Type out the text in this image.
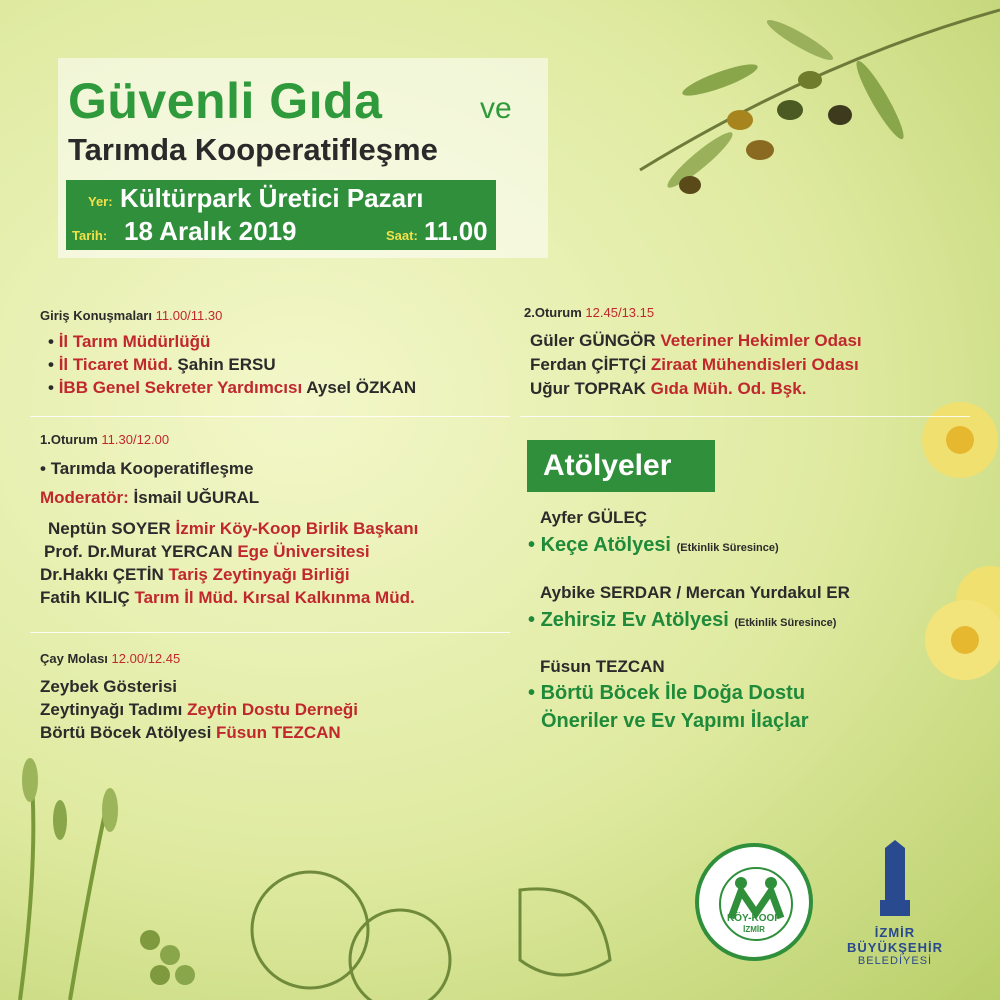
Güvenli Gıda	ve
Tarımda Kooperatifleşme
Yer: Kültürpark Üretici Pazarı
Tarih: 18 Aralık 2019	Saat: 11.00
Giriş Konuşmaları 11.00/11.30
• İl Tarım Müdürlüğü
• İl Ticaret Müd. Şahin ERSU
• İBB Genel Sekreter Yardımcısı Aysel ÖZKAN
1.Oturum 11.30/12.00
• Tarımda Kooperatifleşme
Moderatör: İsmail UĞURAL
Neptün SOYER İzmir Köy-Koop Birlik Başkanı
Prof. Dr.Murat YERCAN Ege Üniversitesi
Dr.Hakkı ÇETİN Tariş Zeytinyağı Birliği
Fatih KILIÇ Tarım İl Müd. Kırsal Kalkınma Müd.
Çay Molası 12.00/12.45
Zeybek Gösterisi
Zeytinyağı Tadımı Zeytin Dostu Derneği
Börtü Böcek Atölyesi Füsun TEZCAN
2.Oturum 12.45/13.15
Güler GÜNGÖR Veteriner Hekimler Odası
Ferdan ÇİFTÇİ Ziraat Mühendisleri Odası
Uğur TOPRAK Gıda Müh. Od. Bşk.
Atölyeler
Ayfer GÜLEÇ
• Keçe Atölyesi (Etkinlik Süresince)
Aybike SERDAR / Mercan Yurdakul ER
• Zehirsiz Ev Atölyesi (Etkinlik Süresince)
Füsun TEZCAN
• Börtü Böcek İle Doğa Dostu
Öneriler ve Ev Yapımı İlaçlar
KÖY-KOOP
İZMİR	İZMİR
BÜYÜKŞEHİR
BELEDİYESİ
